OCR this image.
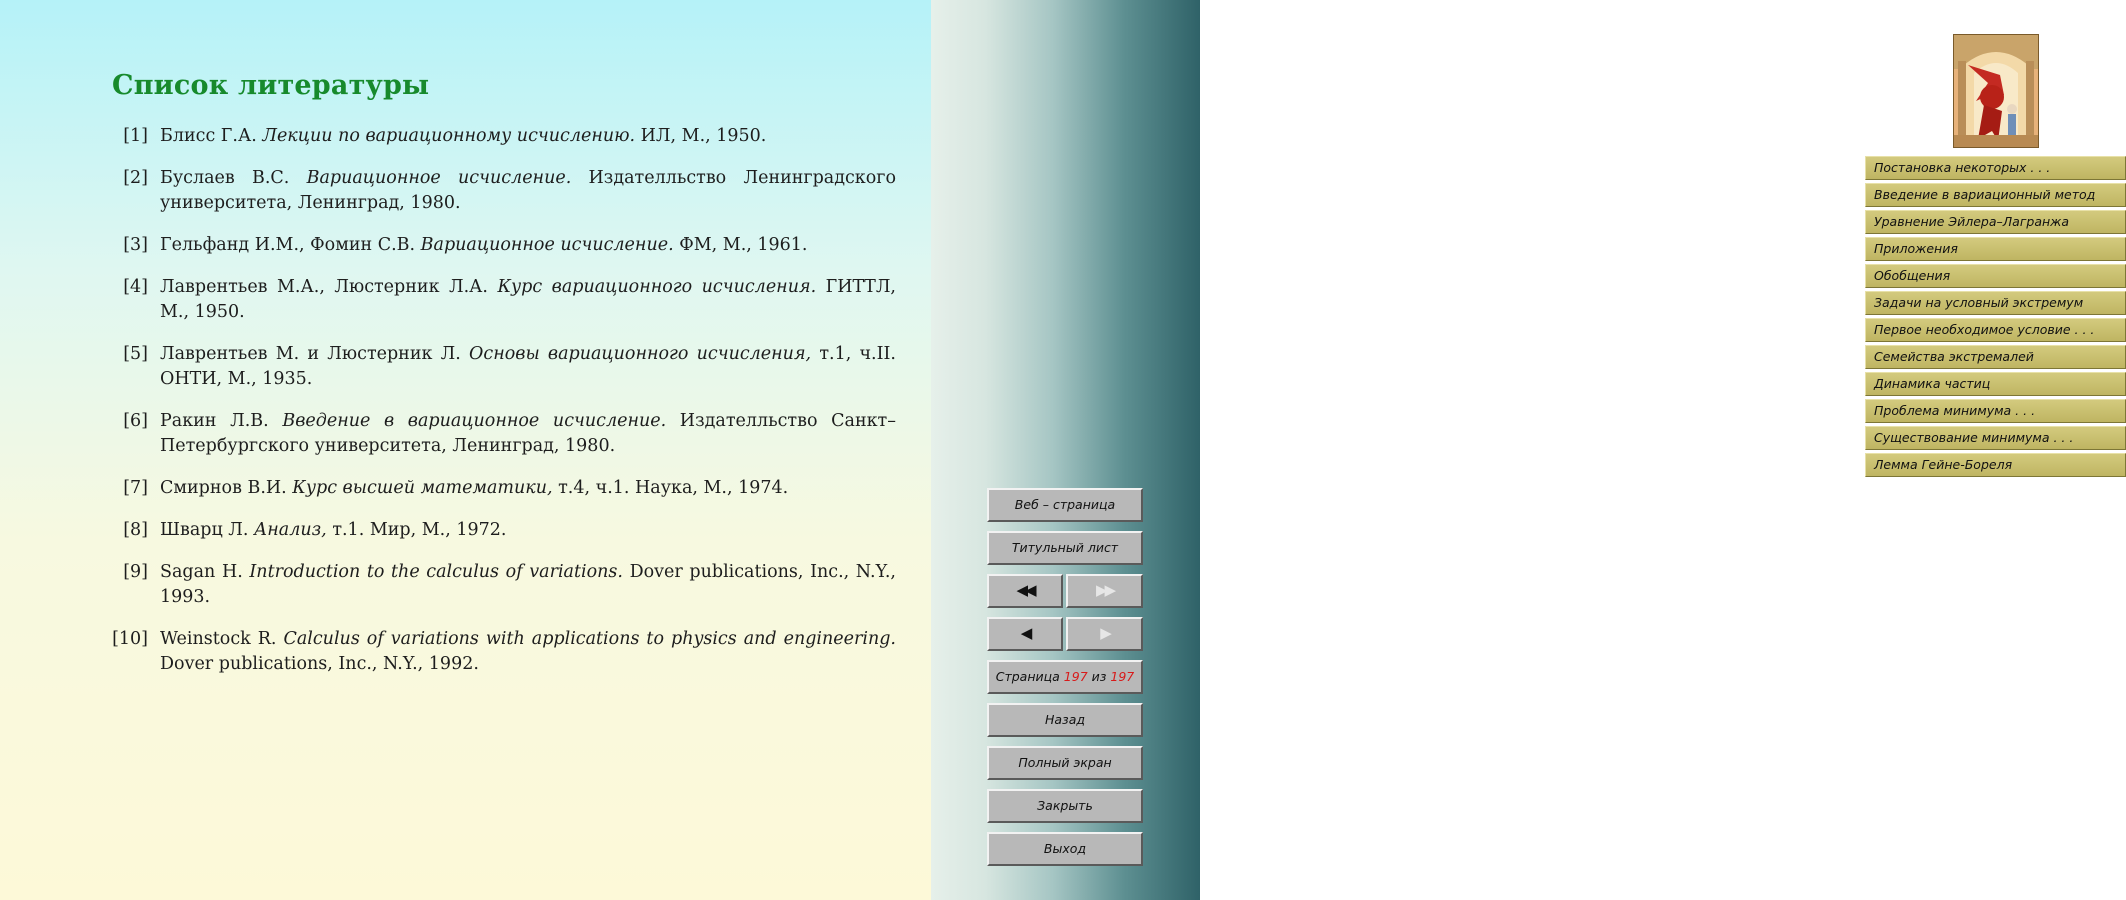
Список литературы
[1] Блисс Г.А. Лекции по вариационному исчислению. ИЛ, М., 1950.
[2] Буслаев В.С. Вариационное исчисление. Издателльство Ленинградского университета, Ленинград, 1980.
[3] Гельфанд И.М., Фомин С.В. Вариационное исчисление. ФМ, М., 1961.
[4] Лаврентьев М.А., Люстерник Л.А. Курс вариационного исчисления. ГИТТЛ, М., 1950.
[5] Лаврентьев М. и Люстерник Л. Основы вариационного исчисления, т.1, ч.II. ОНТИ, М., 1935.
[6] Ракин Л.В. Введение в вариационное исчисление. Издателльство Санкт–Петербургского университета, Ленинград, 1980.
[7] Смирнов В.И. Курс высшей математики, т.4, ч.1. Наука, М., 1974.
[8] Шварц Л. Анализ, т.1. Мир, М., 1972.
[9] Sagan H. Introduction to the calculus of variations. Dover publications, Inc., N.Y., 1993.
[10] Weinstock R. Calculus of variations with applications to physics and engineering. Dover publications, Inc., N.Y., 1992.
Постановка некоторых . . .
Введение в вариационный метод
Уравнение Эйлера–Лагранжа
Приложения
Обобщения
Задачи на условный экстремум
Первое необходимое условие . . .
Семейства экстремалей
Динамика частиц
Проблема минимума . . .
Существование минимума . . .
Лемма Гейне-Бореля
Веб – страница
Титульный лист
◀◀	▶▶
◀	▶
Страница 197 из 197
Назад
Полный экран
Закрыть
Выход
